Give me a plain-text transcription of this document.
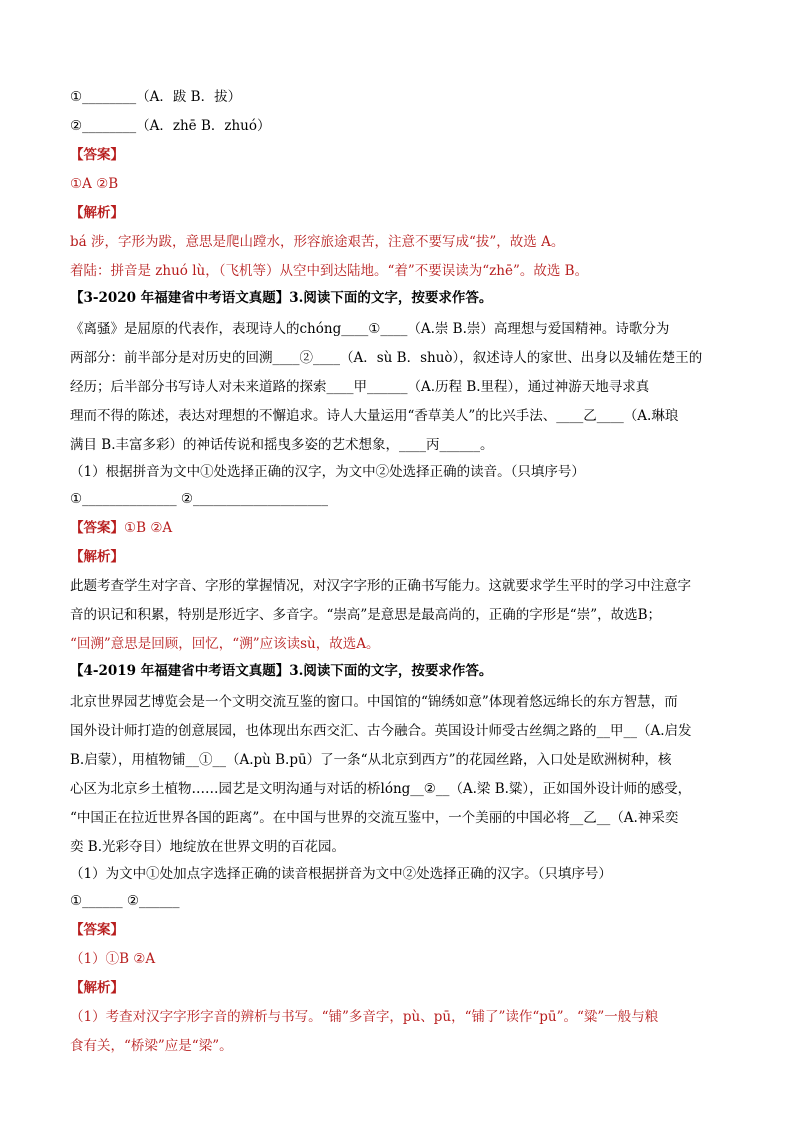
①________（A．跋 B．拔）

②________（A．zhē B．zhuó）

【答案】

①A ②B

【解析】

bá 涉，字形为跋，意思是爬山蹚水，形容旅途艰苦，注意不要写成“拔”，故选 A。

着陆：拼音是 zhuó lù，（飞机等）从空中到达陆地。“着”不要误读为“zhē”。故选 B。

【3-2020 年福建省中考语文真题】3.阅读下面的文字，按要求作答。

《离骚》是屈原的代表作，表现诗人的chóng____①____（A.崇 B.崇）高理想与爱国精神。诗歌分为

两部分：前半部分是对历史的回溯____②____（A．sù B．shuò），叙述诗人的家世、出身以及辅佐楚王的

经历；后半部分书写诗人对未来道路的探索____甲______（A.历程 B.里程），通过神游天地寻求真

理而不得的陈述，表达对理想的不懈追求。诗人大量运用“香草美人”的比兴手法、____乙____（A.琳琅

满目 B.丰富多彩）的神话传说和摇曳多姿的艺术想象，____丙______。

（1）根据拼音为文中①处选择正确的汉字，为文中②处选择正确的读音。（只填序号）

①______________ ②____________________

【答案】①B ②A

【解析】

此题考查学生对字音、字形的掌握情况，对汉字字形的正确书写能力。这就要求学生平时的学习中注意字

音的识记和积累，特别是形近字、多音字。“崇高”是意思是最高尚的，正确的字形是“崇”，故选B；

“回溯”意思是回顾，回忆，“溯”应该读sù，故选A。

【4-2019 年福建省中考语文真题】3.阅读下面的文字，按要求作答。

北京世界园艺博览会是一个文明交流互鉴的窗口。中国馆的“锦绣如意”体现着悠远绵长的东方智慧，而

国外设计师打造的创意展园，也体现出东西交汇、古今融合。英国设计师受古丝绸之路的__甲__（A.启发

B.启蒙），用植物铺__①__（A.pù B.pū）了一条“从北京到西方”的花园丝路，入口处是欧洲树种，核

心区为北京乡土植物……园艺是文明沟通与对话的桥lóng__②__（A.梁 B.粱），正如国外设计师的感受，

“中国正在拉近世界各国的距离”。在中国与世界的交流互鉴中，一个美丽的中国必将__乙__（A.神采奕

奕 B.光彩夺目）地绽放在世界文明的百花园。

（1）为文中①处加点字选择正确的读音根据拼音为文中②处选择正确的汉字。（只填序号）

①______ ②______

【答案】

（1）①B ②A

【解析】

（1）考查对汉字字形字音的辨析与书写。“铺”多音字，pù、pū，“铺了”读作“pū”。“粱”一般与粮

食有关，“桥梁”应是“梁”。
